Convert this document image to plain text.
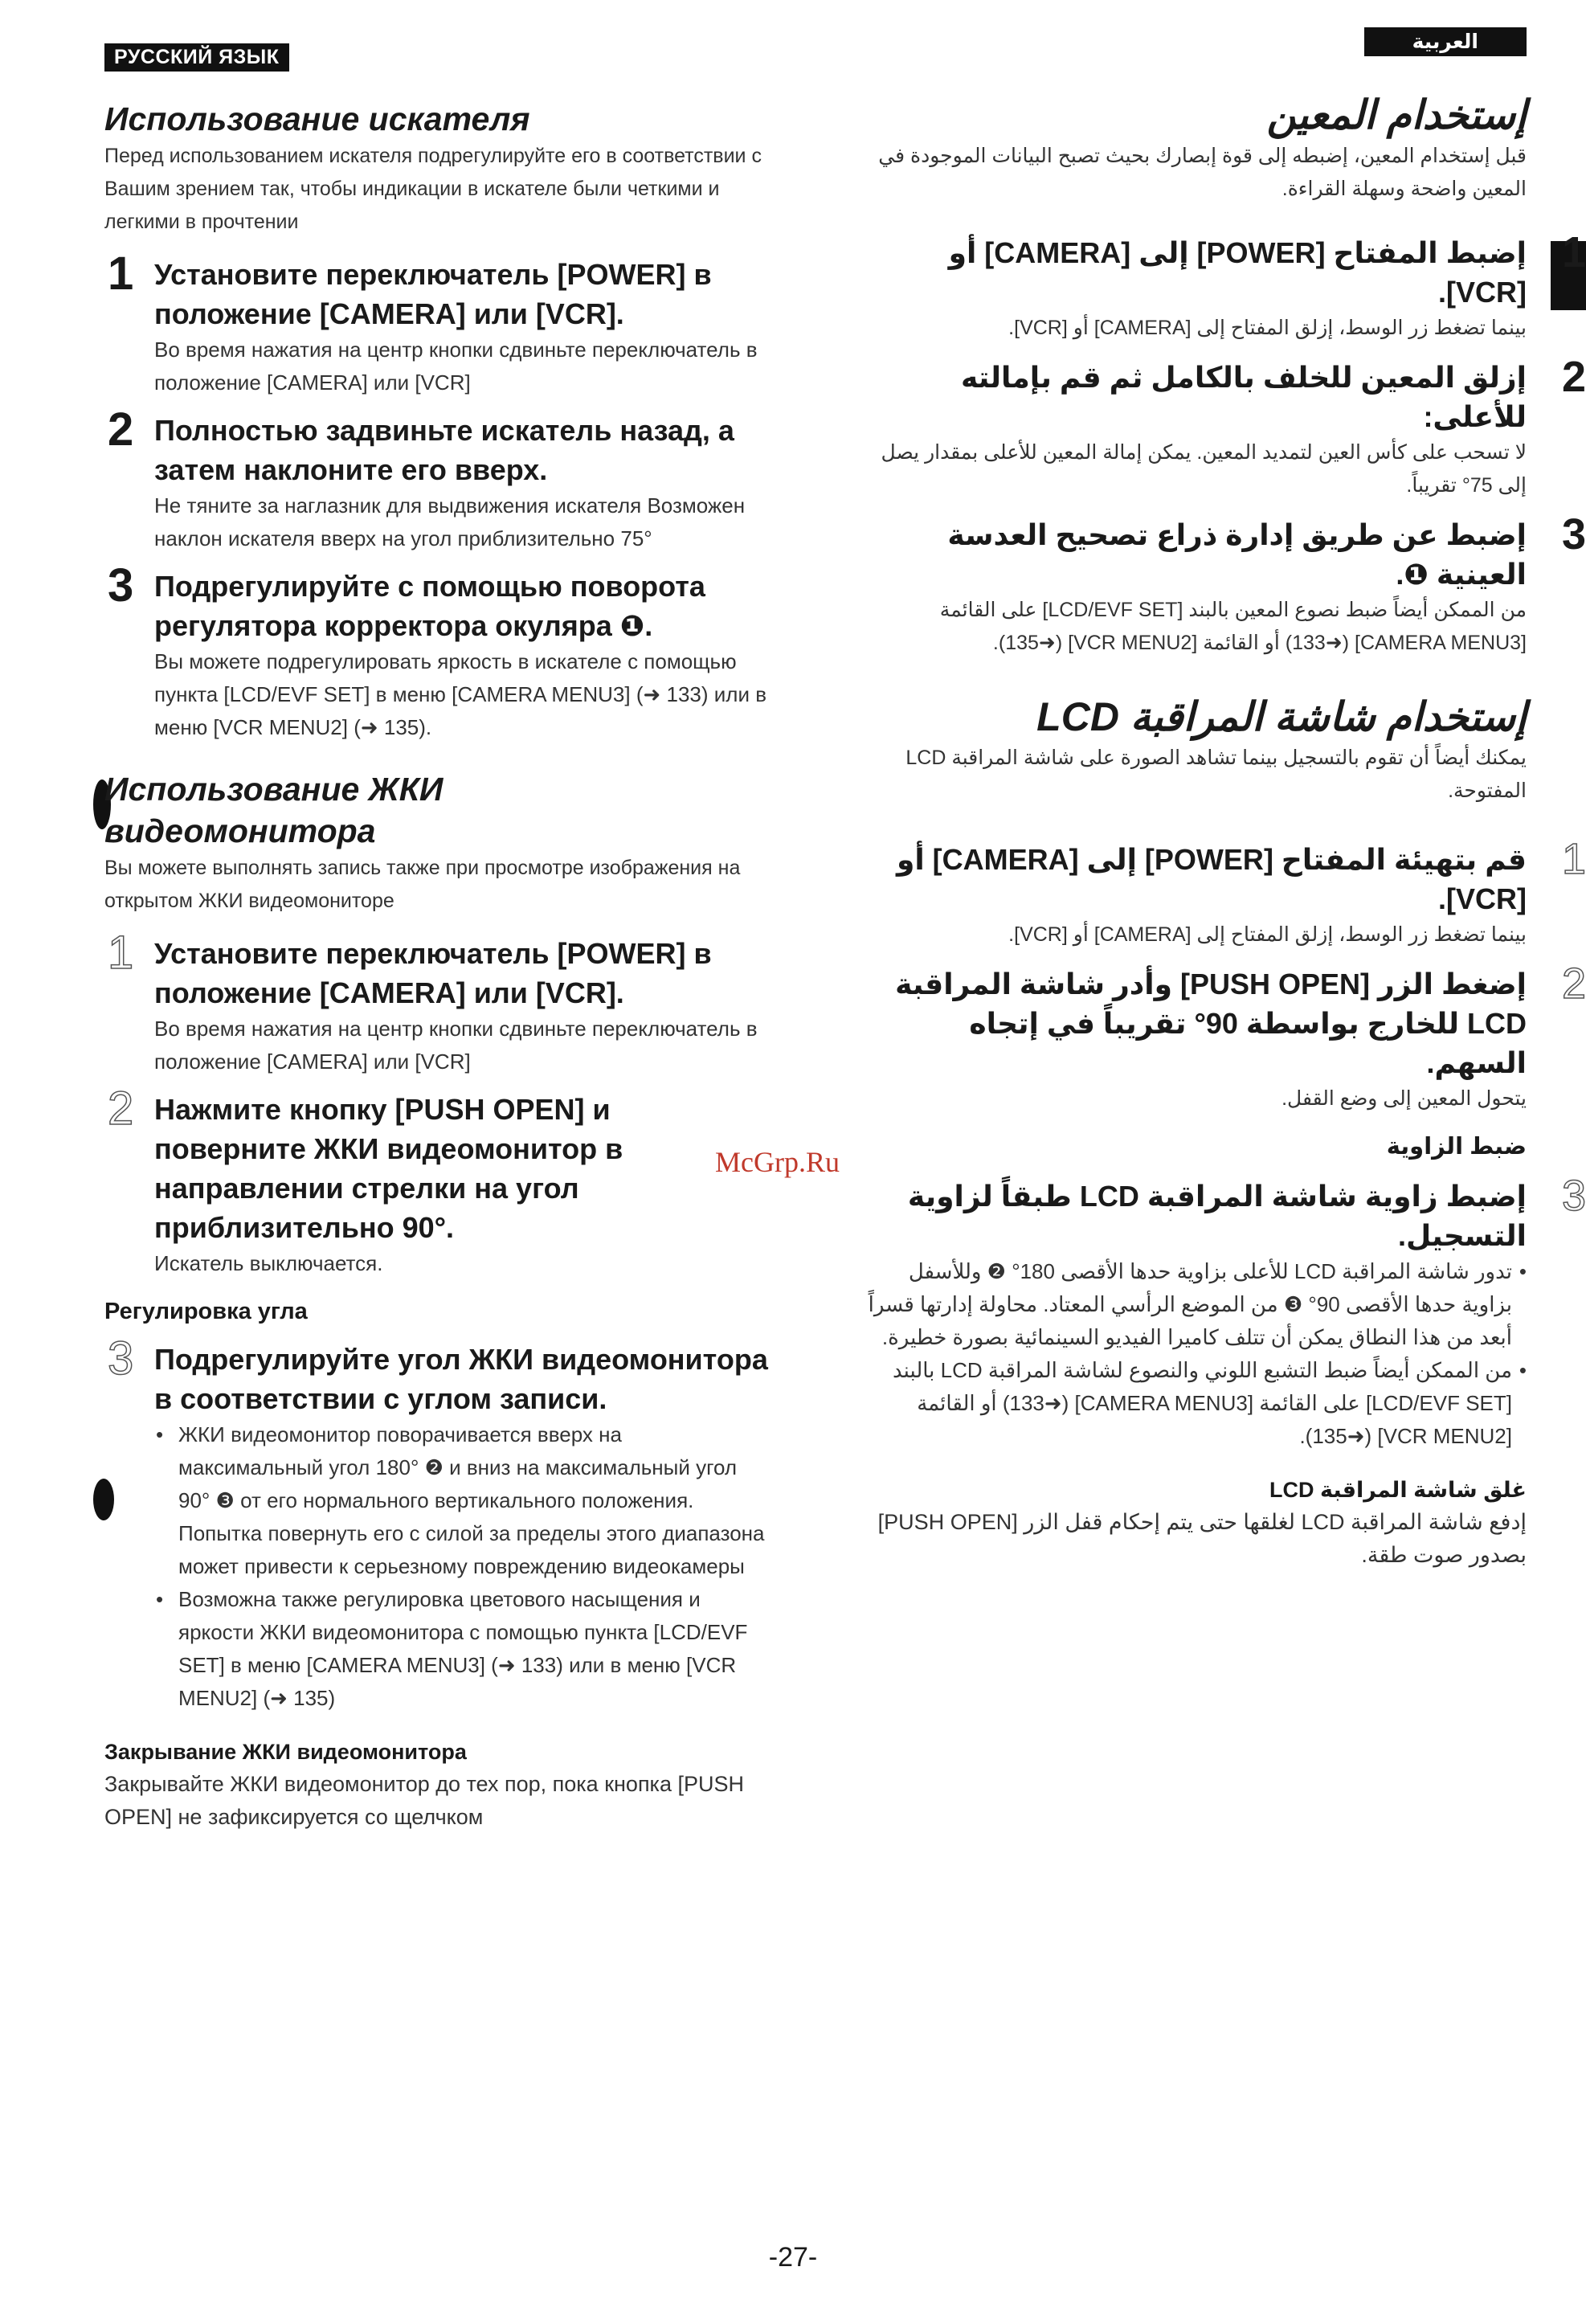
РУССКИЙ ЯЗЫК
العربية
Использование искателя

Перед использованием искателя подрегулируйте его в соответствии с Вашим зрением так, чтобы индикации в искателе были четкими и легкими в прочтении

1 Установите переключатель [POWER] в положение [CAMERA] или [VCR].

Во время нажатия на центр кнопки сдвиньте переключатель в положение [CAMERA] или [VCR]

2 Полностью задвиньте искатель назад, а затем наклоните его вверх.

Не тяните за наглазник для выдвижения искателя Возможен наклон искателя вверх на угол приблизительно 75°

3 Подрегулируйте с помощью поворота регулятора корректора окуляра ❶.

Вы можете подрегулировать яркость в искателе с помощью пункта [LCD/EVF SET] в меню [CAMERA MENU3] (➜ 133) или в меню [VCR MENU2] (➜ 135).

Использование ЖКИ видеомонитора

Вы можете выполнять запись также при просмотре изображения на открытом ЖКИ видеомониторе

1 Установите переключатель [POWER] в положение [CAMERA] или [VCR].

Во время нажатия на центр кнопки сдвиньте переключатель в положение [CAMERA] или [VCR]

2 Нажмите кнопку [PUSH OPEN] и поверните ЖКИ видеомонитор в направлении стрелки на угол приблизительно 90°.

Искатель выключается.

Регулировка угла

3 Подрегулируйте угол ЖКИ видеомонитора в соответствии с углом записи.

• ЖКИ видеомонитор поворачивается вверх на максимальный угол 180° ❷ и вниз на максимальный угол 90° ❸ от его нормального вертикального положения. Попытка повернуть его с силой за пределы этого диапазона может привести к серьезному повреждению видеокамеры

• Возможна также регулировка цветового насыщения и яркости ЖКИ видеомонитора с помощью пункта [LCD/EVF SET] в меню [CAMERA MENU3] (➜ 133) или в меню [VCR MENU2] (➜ 135)

Закрывание ЖКИ видеомонитора

Закрывайте ЖКИ видеомонитор до тех пор, пока кнопка [PUSH OPEN] не зафиксируется со щелчком

إستخدام المعين

قبل إستخدام المعين، إضبطه إلى قوة إبصارك بحيث تصبح البيانات الموجودة في المعين واضحة وسهلة القراءة.

1

إضبط المفتاح [POWER] إلى [CAMERA] أو [VCR].

بينما تضغط زر الوسط، إزلق المفتاح إلى [CAMERA] أو [VCR].

2

إزلق المعين للخلف بالكامل ثم قم بإمالته للأعلى:

لا تسحب على كأس العين لتمديد المعين. يمكن إمالة المعين للأعلى بمقدار يصل إلى 75° تقريباً.

3

إضبط عن طريق إدارة ذراع تصحيح العدسة العينية ❶.

من الممكن أيضاً ضبط نصوع المعين بالبند [LCD/EVF SET] على القائمة [CAMERA MENU3] (➜133) أو القائمة [VCR MENU2] (➜135).

إستخدام شاشة المراقبة LCD

يمكنك أيضاً أن تقوم بالتسجيل بينما تشاهد الصورة على شاشة المراقبة LCD المفتوحة.

1

قم بتهيئة المفتاح [POWER] إلى [CAMERA] أو [VCR].

بينما تضغط زر الوسط، إزلق المفتاح إلى [CAMERA] أو [VCR].

2

إضغط الزر [PUSH OPEN] وأدر شاشة المراقبة LCD للخارج بواسطة 90° تقريباً في إتجاه السهم.

يتحول المعين إلى وضع القفل.

ضبط الزاوية

3

إضبط زاوية شاشة المراقبة LCD طبقاً لزاوية التسجيل.

• تدور شاشة المراقبة LCD للأعلى بزاوية حدها الأقصى 180° ❷ وللأسفل بزاوية حدها الأقصى 90° ❸ من الموضع الرأسي المعتاد. محاولة إدارتها قسراً أبعد من هذا النطاق يمكن أن تتلف كاميرا الفيديو السينمائية بصورة خطيرة.

• من الممكن أيضاً ضبط التشبع اللوني والنصوع لشاشة المراقبة LCD بالبند [LCD/EVF SET] على القائمة [CAMERA MENU3] (➜133) أو القائمة [VCR MENU2] (➜135).

غلق شاشة المراقبة LCD

إدفع شاشة المراقبة LCD لغلقها حتى يتم إحكام قفل الزر [PUSH OPEN] بصدور صوت طقة.

McGrp.Ru
-27-
